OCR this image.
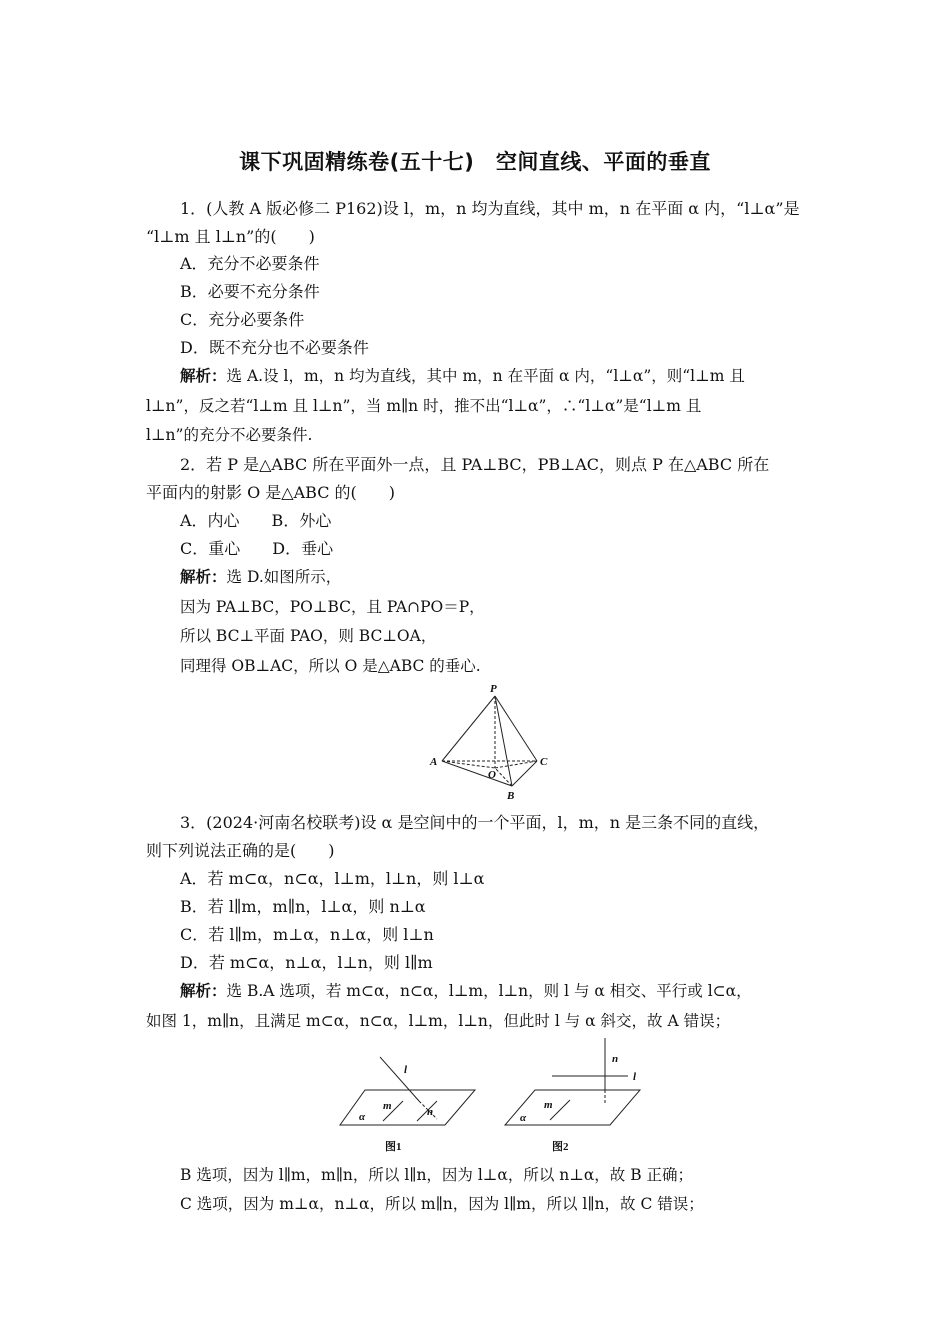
课下巩固精练卷(五十七)　空间直线、平面的垂直
1．(人教 A 版必修二 P162)设 l，m，n 均为直线，其中 m，n 在平面 α 内，“l⊥α”是
“l⊥m 且 l⊥n”的(　　)
A．充分不必要条件
B．必要不充分条件
C．充分必要条件
D．既不充分也不必要条件
解析：选 A.设 l，m，n 均为直线，其中 m，n 在平面 α 内，“l⊥α”，则“l⊥m 且
l⊥n”，反之若“l⊥m 且 l⊥n”，当 m∥n 时，推不出“l⊥α”，∴“l⊥α”是“l⊥m 且
l⊥n”的充分不必要条件.
2．若 P 是△ABC 所在平面外一点，且 PA⊥BC，PB⊥AC，则点 P 在△ABC 所在
平面内的射影 O 是△ABC 的(　　)
A．内心　　B．外心
C．重心　　D．垂心
解析：选 D.如图所示，
因为 PA⊥BC，PO⊥BC，且 PA∩PO＝P，
所以 BC⊥平面 PAO，则 BC⊥OA，
同理得 OB⊥AC，所以 O 是△ABC 的垂心.
P
A	C
B
O
3．(2024·河南名校联考)设 α 是空间中的一个平面，l，m，n 是三条不同的直线，
则下列说法正确的是(　　)
A．若 m⊂α，n⊂α，l⊥m，l⊥n，则 l⊥α
B．若 l∥m，m∥n，l⊥α，则 n⊥α
C．若 l∥m，m⊥α，n⊥α，则 l⊥n
D．若 m⊂α，n⊥α，l⊥n，则 l∥m
解析：选 B.A 选项，若 m⊂α，n⊂α，l⊥m，l⊥n，则 l 与 α 相交、平行或 l⊂α，
如图 1，m∥n，且满足 m⊂α，n⊂α，l⊥m，l⊥n，但此时 l 与 α 斜交，故 A 错误；
l
m	n
α
图1
n
l
m
α
图2
B 选项，因为 l∥m，m∥n，所以 l∥n，因为 l⊥α，所以 n⊥α，故 B 正确；
C 选项，因为 m⊥α，n⊥α，所以 m∥n，因为 l∥m，所以 l∥n，故 C 错误；
